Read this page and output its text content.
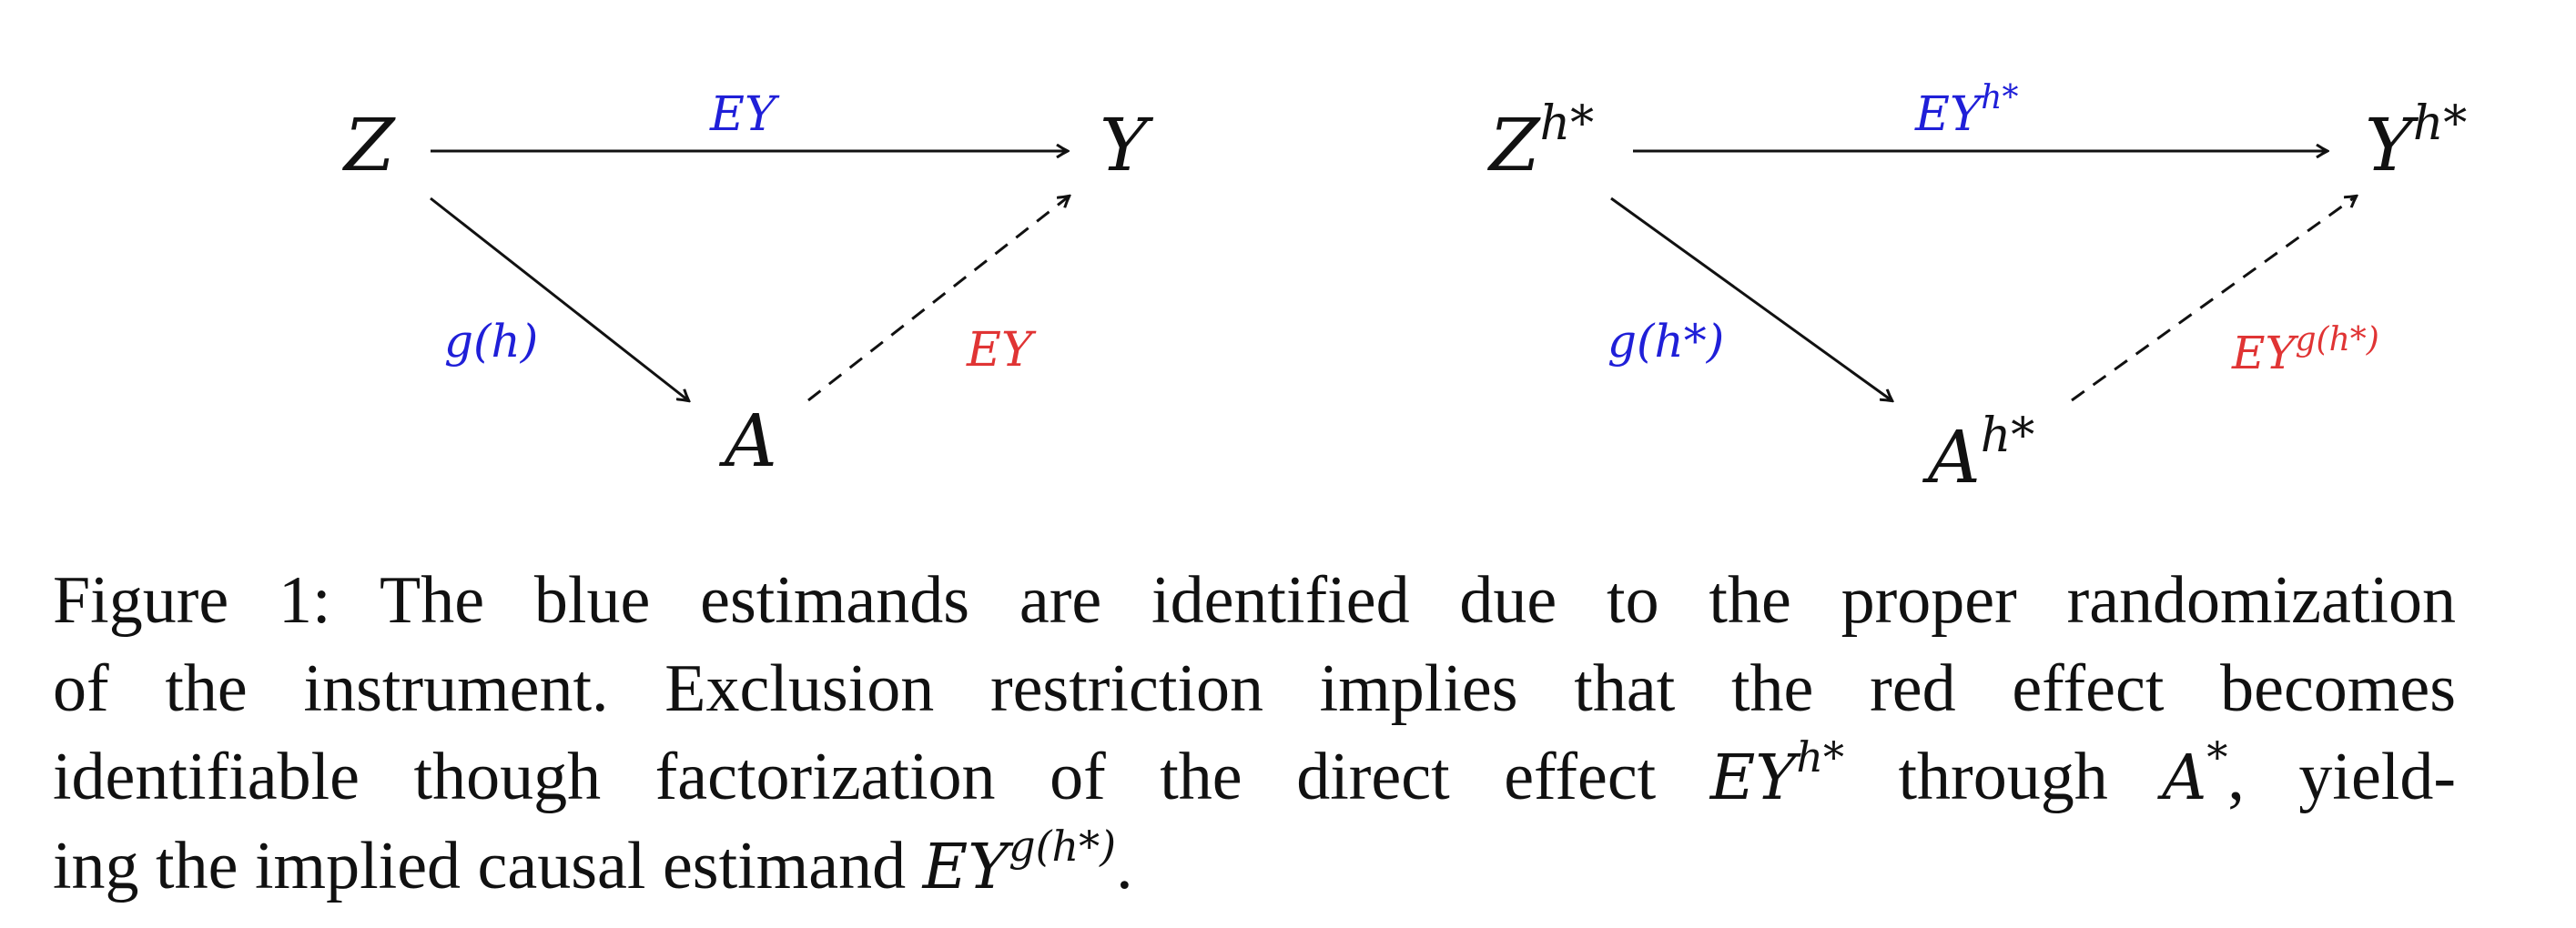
Z	Y
A
EY
g(h)	EY
$Z^{h*}$	$Y^{h*}$
$A^{h*}$
$EY^{h*}$
g(h*)	$EY^{g(h*)}$
Figure 1: The blue estimands are identified due to the proper randomization
of the instrument. Exclusion restriction implies that the red effect becomes
identifiable though factorization of the direct effect $EY^{h*}$ through A*, yield-
ing the implied causal estimand $EY^{g(h*)}$.
